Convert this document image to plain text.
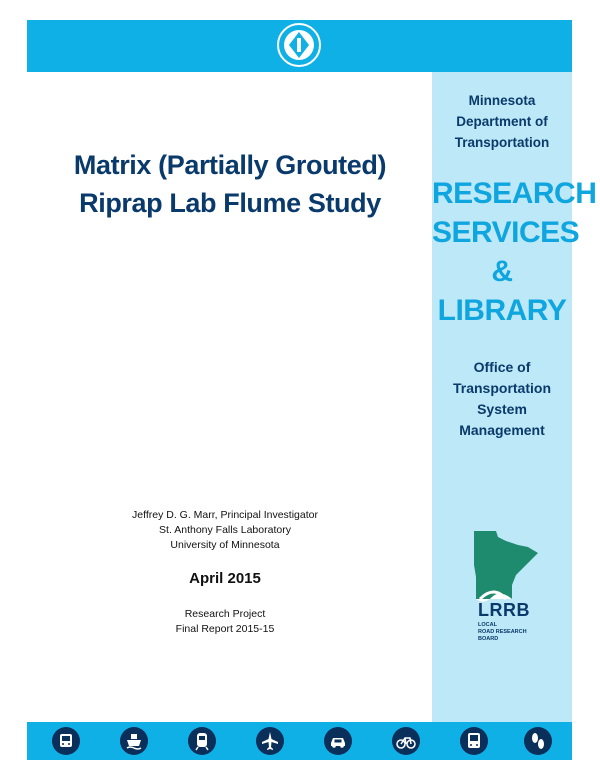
Minnesota
Department of
Transportation
RESEARCH
SERVICES
&
LIBRARY
Office of
Transportation
System
Management
Matrix (Partially Grouted)
Riprap Lab Flume Study
Jeffrey D. G. Marr, Principal Investigator
St. Anthony Falls Laboratory
University of Minnesota
April 2015
Research Project
Final Report 2015-15
LRRB
LOCAL
ROAD RESEARCH
BOARD
